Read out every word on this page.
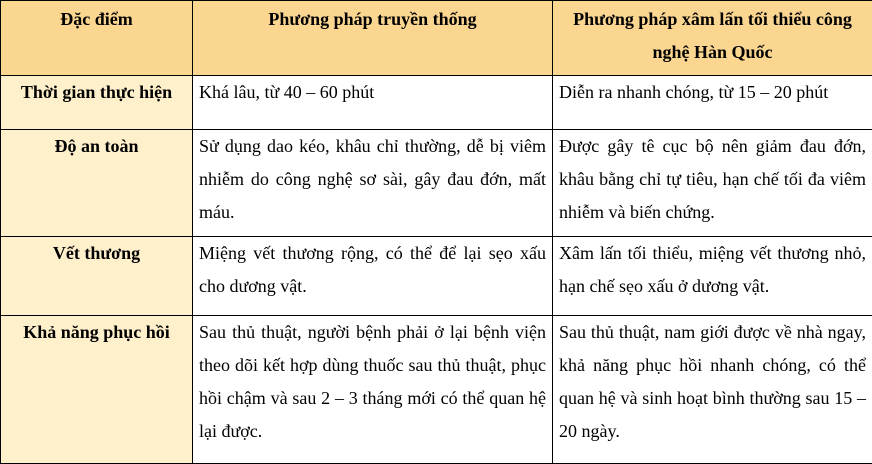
Đặc điểm	Phương pháp truyền thống	Phương pháp xâm lấn tối thiểu công nghệ Hàn Quốc
Thời gian thực hiện	Khá lâu, từ 40 – 60 phút	Diễn ra nhanh chóng, từ 15 – 20 phút
Độ an toàn	Sử dụng dao kéo, khâu chỉ thường, dễ bị viêm nhiễm do công nghệ sơ sài, gây đau đớn, mất máu.	Được gây tê cục bộ nên giảm đau đớn, khâu bằng chỉ tự tiêu, hạn chế tối đa viêm nhiễm và biến chứng.
Vết thương	Miệng vết thương rộng, có thể để lại sẹo xấu cho dương vật.	Xâm lấn tối thiểu, miệng vết thương nhỏ, hạn chế sẹo xấu ở dương vật.
Khả năng phục hồi	Sau thủ thuật, người bệnh phải ở lại bệnh viện theo dõi kết hợp dùng thuốc sau thủ thuật, phục hồi chậm và sau 2 – 3 tháng mới có thể quan hệ lại được.	Sau thủ thuật, nam giới được về nhà ngay, khả năng phục hồi nhanh chóng, có thể quan hệ và sinh hoạt bình thường sau 15 – 20 ngày.
